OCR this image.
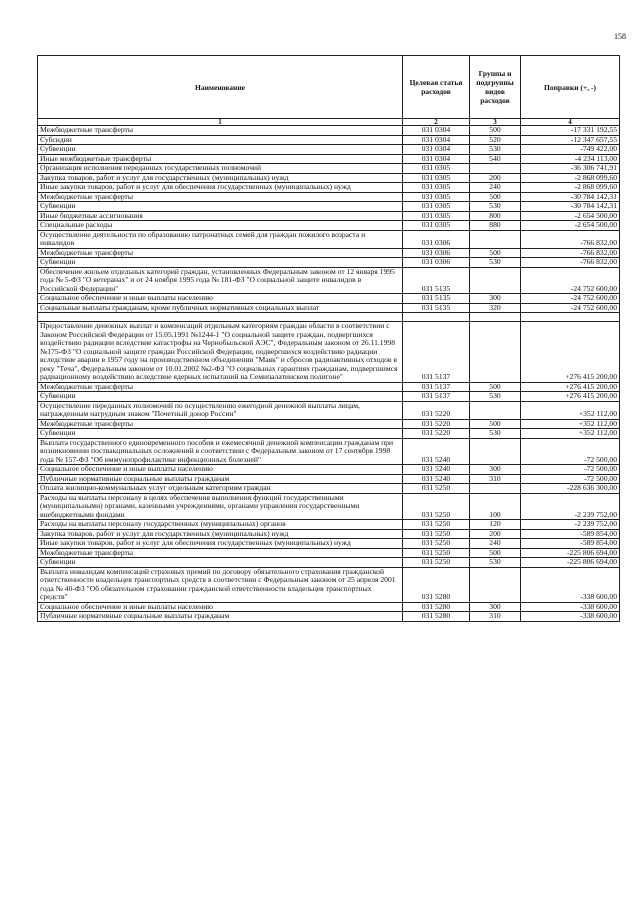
158
Наименование	Целевая статья расходов	Группы и подгруппы видов расходов	Поправки (+, -)
1	2	3	4
Межбюджетные трансферты	031 0304	500	-17 331 192,55
Субсидии	031 0304	520	-12 347 657,55
Субвенции	031 0304	530	-749 422,00
Иные межбюджетные трансферты	031 0304	540	-4 234 113,00
Организация исполнения переданных государственных полномочий	031 0305		-36 306 741,91
Закупка товаров, работ и услуг для государственных (муниципальных) нужд	031 0305	200	-2 868 099,60
Иные закупки товаров, работ и услуг для обеспечения государственных (муниципальных) нужд	031 0305	240	-2 868 099,60
Межбюджетные трансферты	031 0305	500	-30 784 142,31
Субвенции	031 0305	530	-30 784 142,31
Иные бюджетные ассигнования	031 0305	800	-2 654 500,00
Специальные расходы	031 0305	880	-2 654 500,00
Осуществление деятельности по образованию патронатных семей для граждан пожилого возраста и инвалидов	031 0306		-766 832,00
Межбюджетные трансферты	031 0306	500	-766 832,00
Субвенции	031 0306	530	-766 832,00
Обеспечение жильем отдельных категорий граждан, установленных Федеральным законом от 12 января 1995 года № 5-ФЗ "О ветеранах" и от 24 ноября 1995 года № 181-ФЗ "О социальной защите инвалидов в Российской Федерации"	031 5135		-24 752 600,00
Социальное обеспечение и иные выплаты населению	031 5135	300	-24 752 600,00
Социальные выплаты гражданам, кроме публичных нормативных социальных выплат	031 5135	320	-24 752 600,00

Предоставление денежных выплат и компенсаций отдельным категориям граждан области в соответствии с Законом Российской Федерации от 15.05.1991 №1244-1 "О социальной защите граждан, подвергшихся воздействию радиации вследствие катастрофы на Чернобыльской АЭС", Федеральным законом от 26.11.1998 №175-ФЗ "О социальной защите граждан Российской Федерации, подвергшихся воздействию радиации вследствие аварии в 1957 году на производственном объединении "Маяк" и сбросов радиоактивных отходов в реку "Теча", Федеральным законом от 10.01.2002 №2-ФЗ "О социальных гарантиях гражданам, подвергшимся радиационному воздействию вследствие ядерных испытаний на Семипалатинском полигоне"	031 5137		+276 415 200,00
Межбюджетные трансферты	031 5137	500	+276 415 200,00
Субвенции	031 5137	530	+276 415 200,00
Осуществление переданных полномочий по осуществлению ежегодной денежной выплаты лицам, награжденным нагрудным знаком "Почетный донор России"	031 5220		+352 112,00
Межбюджетные трансферты	031 5220	500	+352 112,00
Субвенции	031 5220	530	+352 112,00
Выплата государственного единовременного пособия и ежемесячной денежной компенсации гражданам при возникновении поствакцинальных осложнений в соответствии с Федеральным законом от 17 сентября 1998 года № 157-ФЗ "Об иммунопрофилактике инфекционных болезней"	031 5240		-72 500,00
Социальное обеспечение и иные выплаты населению	031 5240	300	-72 500,00
Публичные нормативные социальные выплаты гражданам	031 5240	310	-72 500,00
Оплата жилищно-коммунальных услуг отдельным категориям граждан	031 5250		-228 636 300,00
Расходы на выплаты персоналу в целях обеспечения выполнения функций государственными (муниципальными) органами, казенными учреждениями, органами управления государственными внебюджетными фондами	031 5250	100	-2 239 752,00
Расходы на выплаты персоналу государственных (муниципальных) органов	031 5250	120	-2 239 752,00
Закупка товаров, работ и услуг для государственных (муниципальных) нужд	031 5250	200	-589 854,00
Иные закупки товаров, работ и услуг для обеспечения государственных (муниципальных) нужд	031 5250	240	-589 854,00
Межбюджетные трансферты	031 5250	500	-225 806 694,00
Субвенции	031 5250	530	-225 806 694,00
Выплата инвалидам компенсаций страховых премий по договору обязательного страхования гражданской ответственности владельцев транспортных средств в соответствии с Федеральным законом от 25 апреля 2001 года № 40-ФЗ "Об обязательном страховании гражданской ответственности владельцев транспортных средств"	031 5280		-338 600,00
Социальное обеспечение и иные выплаты населению	031 5280	300	-338 600,00
Публичные нормативные социальные выплаты гражданам	031 5280	310	-338 600,00
